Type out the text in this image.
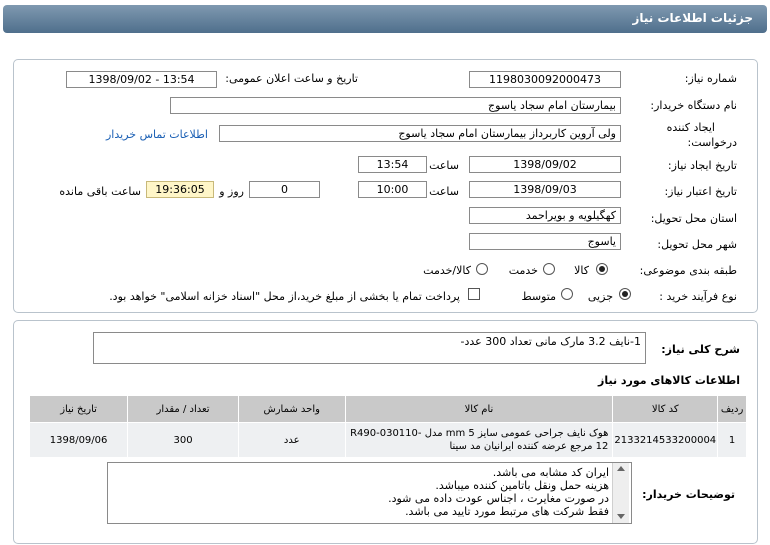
جزئیات اطلاعات نیاز
شماره نیاز:
1198030092000473
تاریخ و ساعت اعلان عمومی:
1398/09/02 - 13:54
نام دستگاه خریدار:
بیمارستان امام سجاد یاسوج
ایجاد کننده
درخواست:
ولی آروین کاربرداز بیمارستان امام سجاد یاسوج
اطلاعات تماس خریدار
تاریخ ایجاد نیاز:
1398/09/02
ساعت
13:54
تاریخ اعتبار نیاز:
1398/09/03
ساعت
10:00
0
روز و
19:36:05
ساعت باقی مانده
استان محل تحویل:
کهگیلویه و بویراحمد
شهر محل تحویل:
یاسوج
طبقه بندی موضوعی:
کالا
خدمت
کالا/خدمت
نوع فرآیند خرید :
جزیی
متوسط
پرداخت تمام یا بخشی از مبلغ خرید،از محل "اسناد خزانه اسلامی" خواهد بود.
شرح کلی نیاز:
1-نایف 3.2 مارک مانی تعداد 300 عدد-
اطلاعات کالاهای مورد نیاز
ردیف	کد کالا	نام کالا	واحد شمارش	تعداد / مقدار	تاریخ نیاز
1	2133214533200004	هوک نایف جراحی عمومی سایز 5 mm مدل -R490-030110
12 مرجع عرضه کننده ایرانیان مد سینا	عدد	300	1398/09/06
توضیحات خریدار:
ایران کد مشابه می باشد.
هزینه حمل ونقل باتامین کننده میباشد.
در صورت مغایرت ، اجناس عودت داده می شود.
فقط شرکت های مرتبط مورد تایید می باشد.
